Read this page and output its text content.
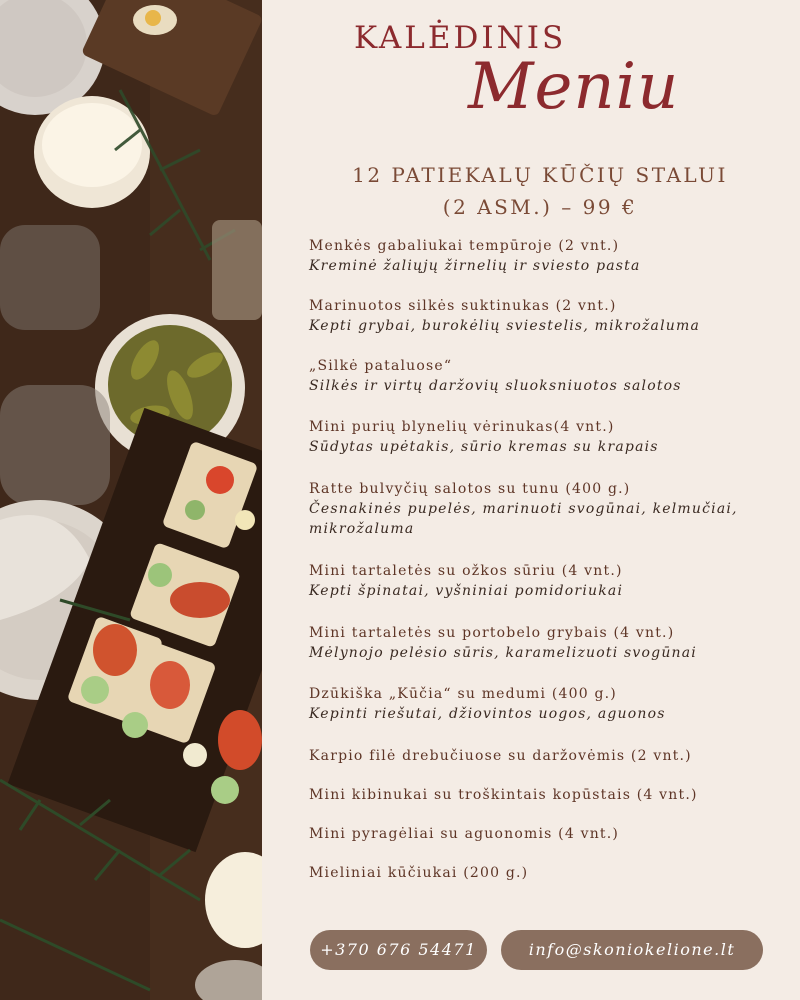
KALĖDINIS
Meniu
12 PATIEKALŲ KŪČIŲ STALUI
(2 ASM.) – 99 €
Menkės gabaliukai tempūroje (2 vnt.)
Kreminė žaliųjų žirnelių ir sviesto pasta
Marinuotos silkės suktinukas (2 vnt.)
Kepti grybai, burokėlių sviestelis, mikrožaluma
„Silkė pataluose“
Silkės ir virtų daržovių sluoksniuotos salotos
Mini purių blynelių vėrinukas(4 vnt.)
Sūdytas upėtakis, sūrio kremas su krapais
Ratte bulvyčių salotos su tunu (400 g.)
Česnakinės pupelės, marinuoti svogūnai, kelmučiai, mikrožaluma
Mini tartaletės su ožkos sūriu (4 vnt.)
Kepti špinatai, vyšniniai pomidoriukai
Mini tartaletės su portobelo grybais (4 vnt.)
Mėlynojo pelėsio sūris, karamelizuoti svogūnai
Dzūkiška „Kūčia“ su medumi (400 g.)
Kepinti riešutai, džiovintos uogos, aguonos
Karpio filė drebučiuose su daržovėmis (2 vnt.)
Mini kibinukai su troškintais kopūstais (4 vnt.)
Mini pyragėliai su aguonomis (4 vnt.)
Mieliniai kūčiukai (200 g.)
+370 676 54471	info@skoniokelione.lt
